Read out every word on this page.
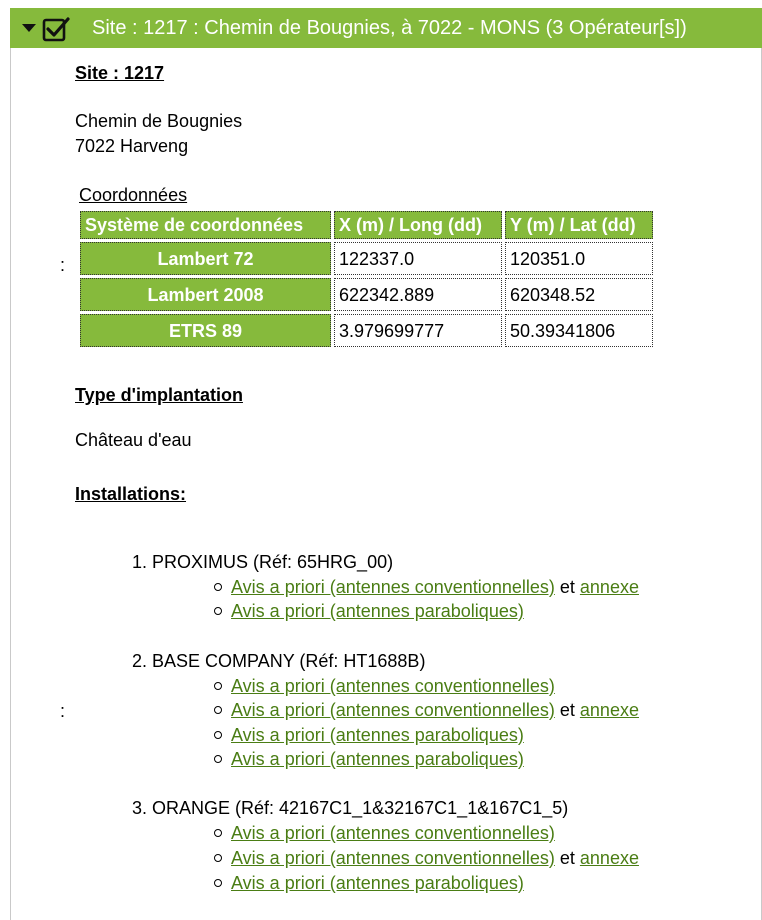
Site : 1217 : Chemin de Bougnies, à 7022 - MONS (3 Opérateur[s])
Site : 1217
Chemin de Bougnies
7022 Harveng
Coordonnées
:
Système de coordonnées	X (m) / Long (dd)	Y (m) / Lat (dd)
Lambert 72	122337.0	120351.0
Lambert 2008	622342.889	620348.52
ETRS 89	3.979699777	50.39341806
Type d'implantation
Château d'eau
Installations:
:
1. PROXIMUS (Réf: 65HRG_00)
Avis a priori (antennes conventionnelles) et annexe
Avis a priori (antennes paraboliques)
2. BASE COMPANY (Réf: HT1688B)
Avis a priori (antennes conventionnelles)
Avis a priori (antennes conventionnelles) et annexe
Avis a priori (antennes paraboliques)
Avis a priori (antennes paraboliques)
3. ORANGE (Réf: 42167C1_1&32167C1_1&167C1_5)
Avis a priori (antennes conventionnelles)
Avis a priori (antennes conventionnelles) et annexe
Avis a priori (antennes paraboliques)
